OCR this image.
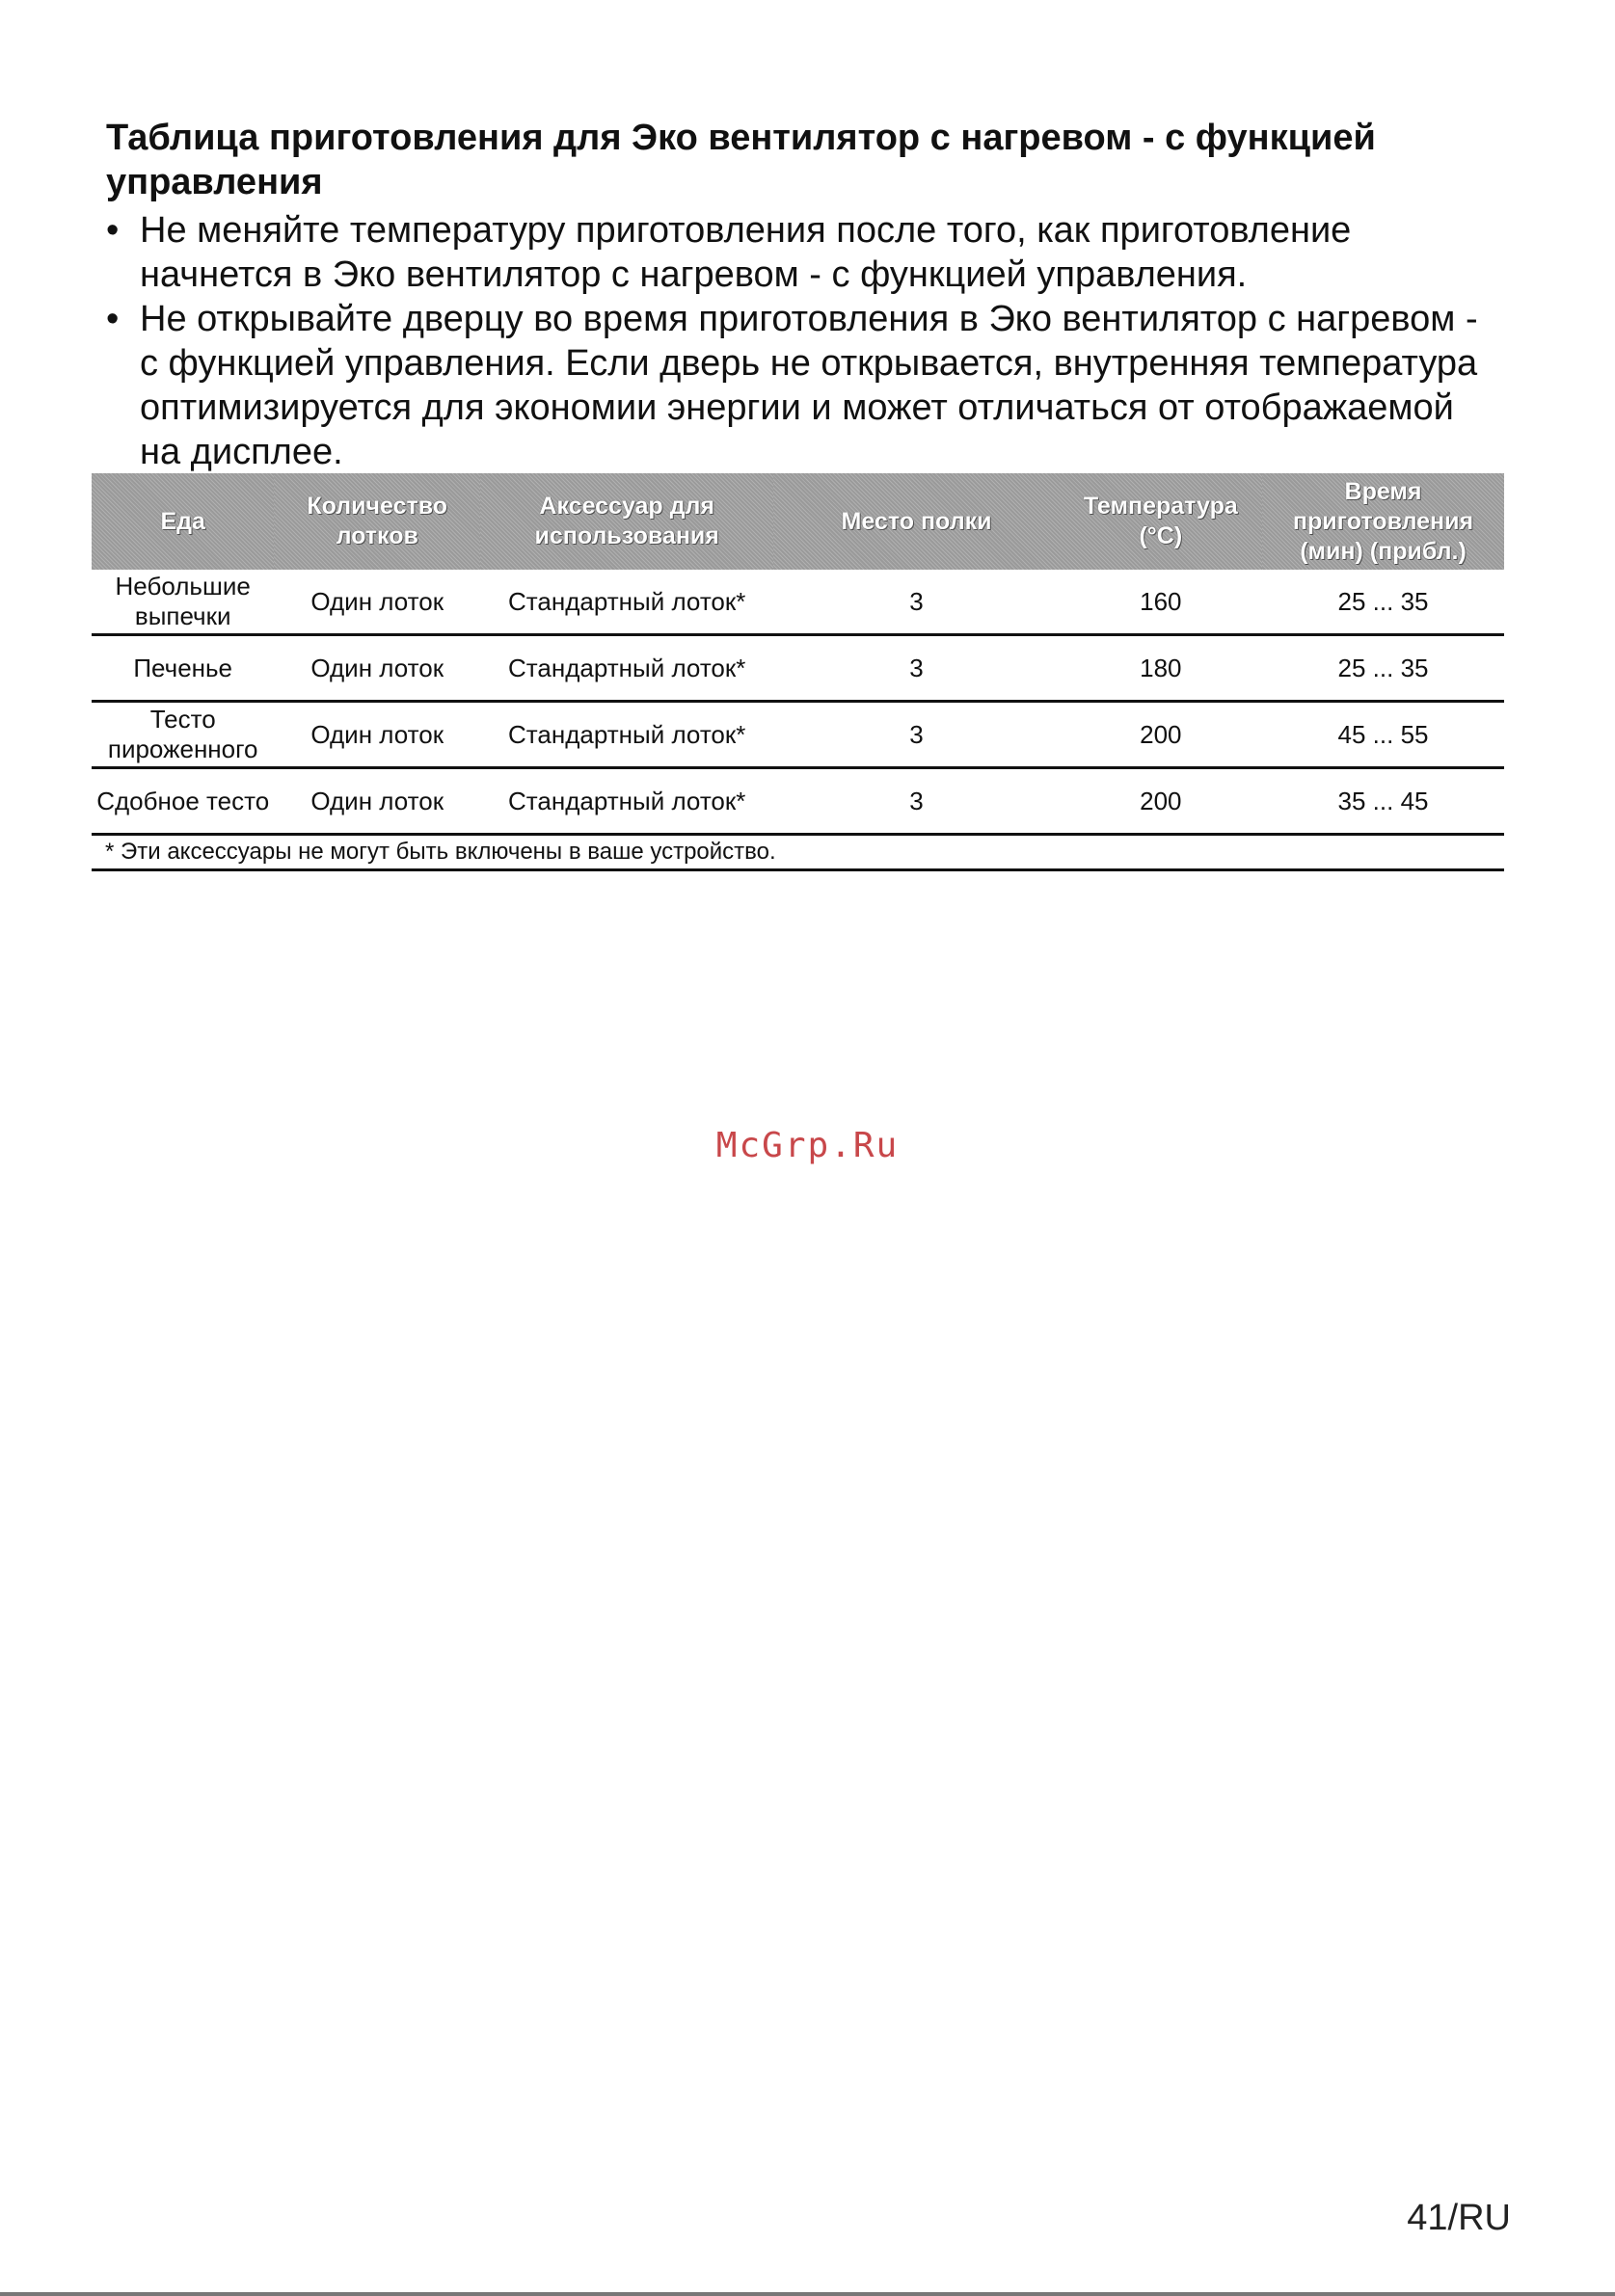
Таблица приготовления для Эко вентилятор с нагревом - с функцией управления
• Не меняйте температуру приготовления после того, как приготовление начнется в Эко вентилятор с нагревом - с функцией управления.
• Не открывайте дверцу во время приготовления в Эко вентилятор с нагревом - с функцией управления. Если дверь не открывается, внутренняя температура оптимизируется для экономии энергии и может отличаться от отображаемой на дисплее.
Еда	Количество лотков	Аксессуар для использования	Место полки	Температура (°C)	Время приготовления (мин) (прибл.)
Небольшие выпечки	Один лоток	Стандартный лоток*	3	160	25 ... 35
Печенье	Один лоток	Стандартный лоток*	3	180	25 ... 35
Тесто пироженного	Один лоток	Стандартный лоток*	3	200	45 ... 55
Сдобное тесто	Один лоток	Стандартный лоток*	3	200	35 ... 45
* Эти аксессуары не могут быть включены в ваше устройство.					
McGrp.Ru
41/RU
